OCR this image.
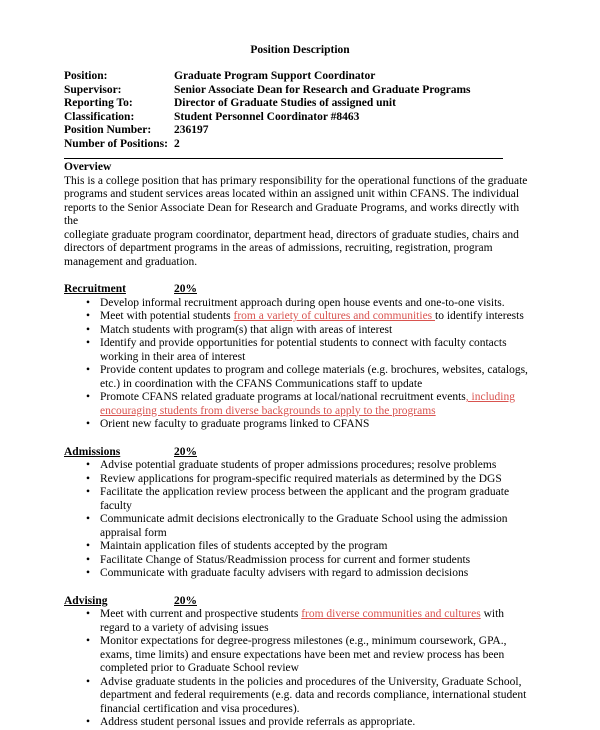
Position Description
Position:	Graduate Program Support Coordinator
Supervisor:	Senior Associate Dean for Research and Graduate Programs
Reporting To:	Director of Graduate Studies of assigned unit
Classification:	Student Personnel Coordinator #8463
Position Number:	236197
Number of Positions: 2
Overview
This is a college position that has primary responsibility for the operational functions of the graduate
programs and student services areas located within an assigned unit within CFANS. The individual
reports to the Senior Associate Dean for Research and Graduate Programs, and works directly with the
collegiate graduate program coordinator, department head, directors of graduate studies, chairs and
directors of department programs in the areas of admissions, recruiting, registration, program
management and graduation.
Recruitment	20%
• Develop informal recruitment approach during open house events and one-to-one visits.
• Meet with potential students from a variety of cultures and communities to identify interests
• Match students with program(s) that align with areas of interest
• Identify and provide opportunities for potential students to connect with faculty contacts working in their area of interest
• Provide content updates to program and college materials (e.g. brochures, websites, catalogs, etc.) in coordination with the CFANS Communications staff to update
• Promote CFANS related graduate programs at local/national recruitment events, including encouraging students from diverse backgrounds to apply to the programs
• Orient new faculty to graduate programs linked to CFANS
Admissions	20%
• Advise potential graduate students of proper admissions procedures; resolve problems
• Review applications for program-specific required materials as determined by the DGS
• Facilitate the application review process between the applicant and the program graduate faculty
• Communicate admit decisions electronically to the Graduate School using the admission appraisal form
• Maintain application files of students accepted by the program
• Facilitate Change of Status/Readmission process for current and former students
• Communicate with graduate faculty advisers with regard to admission decisions
Advising	20%
• Meet with current and prospective students from diverse communities and cultures with regard to a variety of advising issues
• Monitor expectations for degree-progress milestones (e.g., minimum coursework, GPA., exams, time limits) and ensure expectations have been met and review process has been completed prior to Graduate School review
• Advise graduate students in the policies and procedures of the University, Graduate School, department and federal requirements (e.g. data and records compliance, international student financial certification and visa procedures).
• Address student personal issues and provide referrals as appropriate.
